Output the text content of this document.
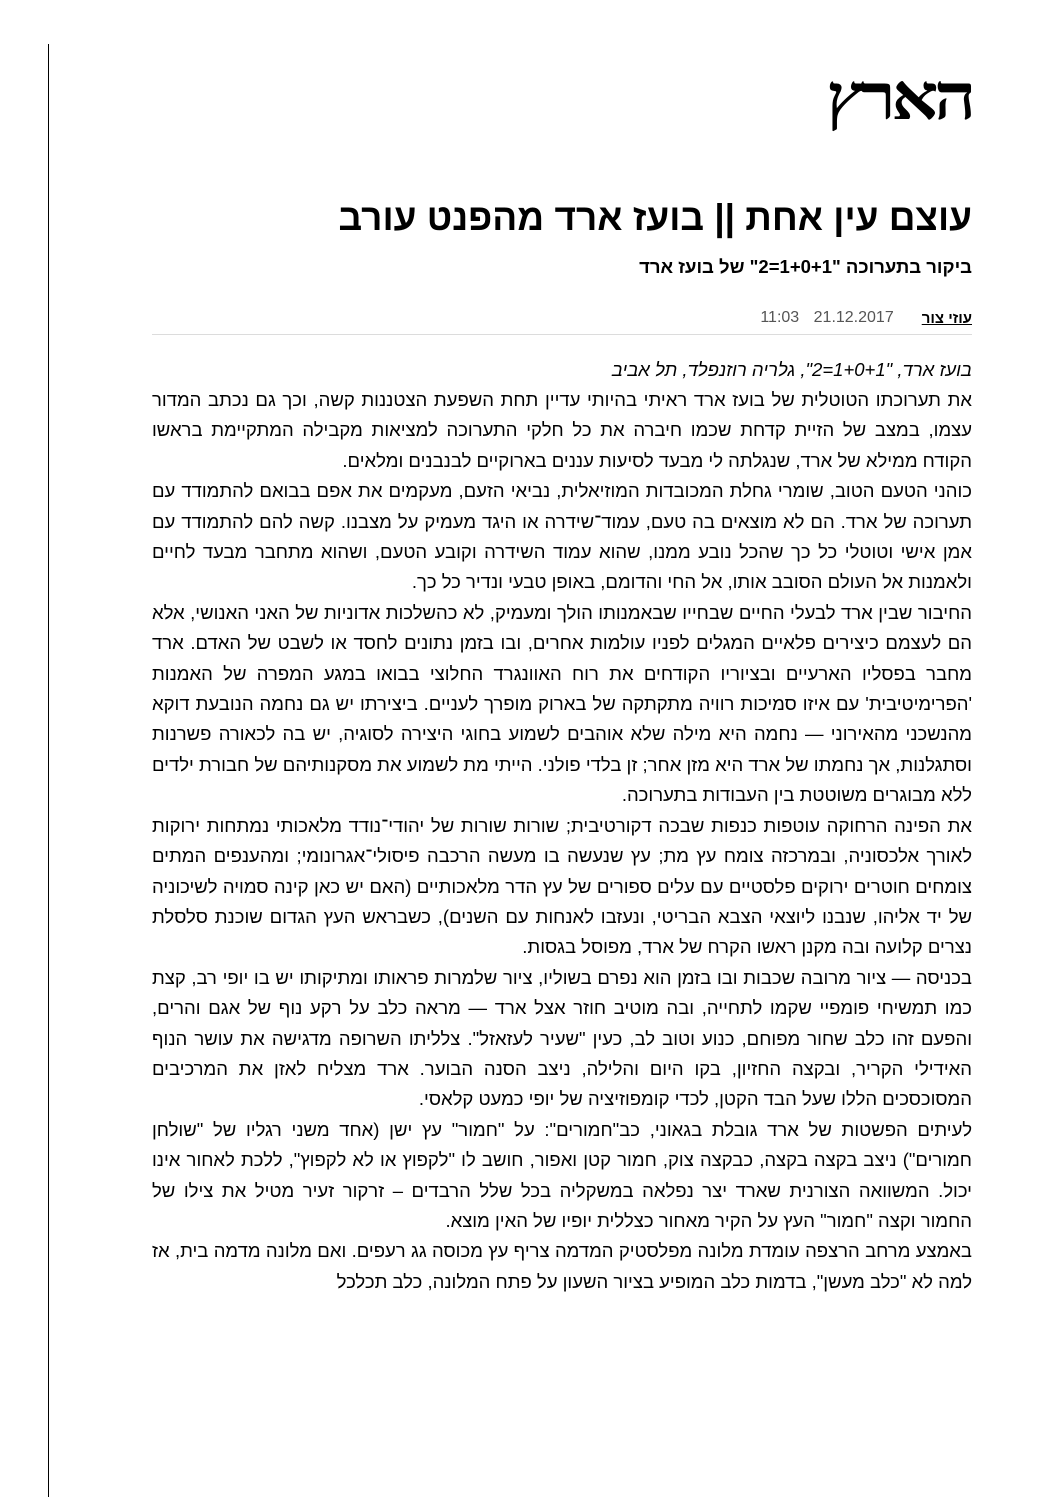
הארץ
עוצם עין אחת || בועז ארד מהפנט עורב
ביקור בתערוכה "1+0+1=2" של בועז ארד
עוזי צור
21.12.2017 11:03

בועז ארד, "1+0+1=2", גלריה רוזנפלד, תל אביב

את תערוכתו הטוטלית של בועז ארד ראיתי בהיותי עדיין תחת השפעת הצטננות קשה, וכך גם נכתב המדור עצמו, במצב של הזיית קדחת שכמו חיברה את כל חלקי התערוכה למציאות מקבילה המתקיימת בראשו הקודח ממילא של ארד, שנגלתה לי מבעד לסיעות עננים בארוקיים לבנבנים ומלאים.

כוהני הטעם הטוב, שומרי גחלת המכובדות המוזיאלית, נביאי הזעם, מעקמים את אפם בבואם להתמודד עם תערוכה של ארד. הם לא מוצאים בה טעם, עמוד־שידרה או היגד מעמיק על מצבנו. קשה להם להתמודד עם אמן אישי וטוטלי כל כך שהכל נובע ממנו, שהוא עמוד השידרה וקובע הטעם, ושהוא מתחבר מבעד לחיים ולאמנות אל העולם הסובב אותו, אל החי והדומם, באופן טבעי ונדיר כל כך.

החיבור שבין ארד לבעלי החיים שבחייו שבאמנותו הולך ומעמיק, לא כהשלכות אדוניות של האני האנושי, אלא הם לעצמם כיצירים פלאיים המגלים לפניו עולמות אחרים, ובו בזמן נתונים לחסד או לשבט של האדם. ארד מחבר בפסליו הארעיים ובציוריו הקודחים את רוח האוונגרד החלוצי בבואו במגע המפרה של האמנות 'הפרימיטיבית' עם איזו סמיכות רוויה מתקתקה של בארוק מופרך לעניים. ביצירתו יש גם נחמה הנובעת דוקא מהנשכני מהאירוני — נחמה היא מילה שלא אוהבים לשמוע בחוגי היצירה לסוגיה, יש בה לכאורה פשרנות וסתגלנות, אך נחמתו של ארד היא מזן אחר; זן בלדי פולני. הייתי מת לשמוע את מסקנותיהם של חבורת ילדים ללא מבוגרים משוטטת בין העבודות בתערוכה.

את הפינה הרחוקה עוטפות כנפות שבכה דקורטיבית; שורות שורות של יהודי־נודד מלאכותי נמתחות ירוקות לאורך אלכסוניה, ובמרכזה צומח עץ מת; עץ שנעשה בו מעשה הרכבה פיסולי־אגרונומי; ומהענפים המתים צומחים חוטרים ירוקים פלסטיים עם עלים ספורים של עץ הדר מלאכותיים (האם יש כאן קינה סמויה לשיכוניה של יד אליהו, שנבנו ליוצאי הצבא הבריטי, ונעזבו לאנחות עם השנים), כשבראש העץ הגדום שוכנת סלסלת נצרים קלועה ובה מקנן ראשו הקרח של ארד, מפוסל בגסות.

בכניסה — ציור מרובה שכבות ובו בזמן הוא נפרם בשוליו, ציור שלמרות פראותו ומתיקותו יש בו יופי רב, קצת כמו תמשיחי פומפיי שקמו לתחייה, ובה מוטיב חוזר אצל ארד — מראה כלב על רקע נוף של אגם והרים, והפעם זהו כלב שחור מפוחם, כנוע וטוב לב, כעין "שעיר לעזאזל". צלליתו השרופה מדגישה את עושר הנוף האידילי הקריר, ובקצה החזיון, בקו היום והלילה, ניצב הסנה הבוער. ארד מצליח לאזן את המרכיבים המסוכסכים הללו שעל הבד הקטן, לכדי קומפוזיציה של יופי כמעט קלאסי.

לעיתים הפשטות של ארד גובלת בגאוני, כב"חמורים": על "חמור" עץ ישן (אחד משני רגליו של "שולחן חמורים") ניצב בקצה בקצה, כבקצה צוק, חמור קטן ואפור, חושב לו "לקפוץ או לא לקפוץ", ללכת לאחור אינו יכול. המשוואה הצורנית שארד יצר נפלאה במשקליה בכל שלל הרבדים – זרקור זעיר מטיל את צילו של החמור וקצה "חמור" העץ על הקיר מאחור כצללית יופיו של האין מוצא.

באמצע מרחב הרצפה עומדת מלונה מפלסטיק המדמה צריף עץ מכוסה גג רעפים. ואם מלונה מדמה בית, אז למה לא "כלב מעשן", בדמות כלב המופיע בציור השעון על פתח המלונה, כלב תכלכל
